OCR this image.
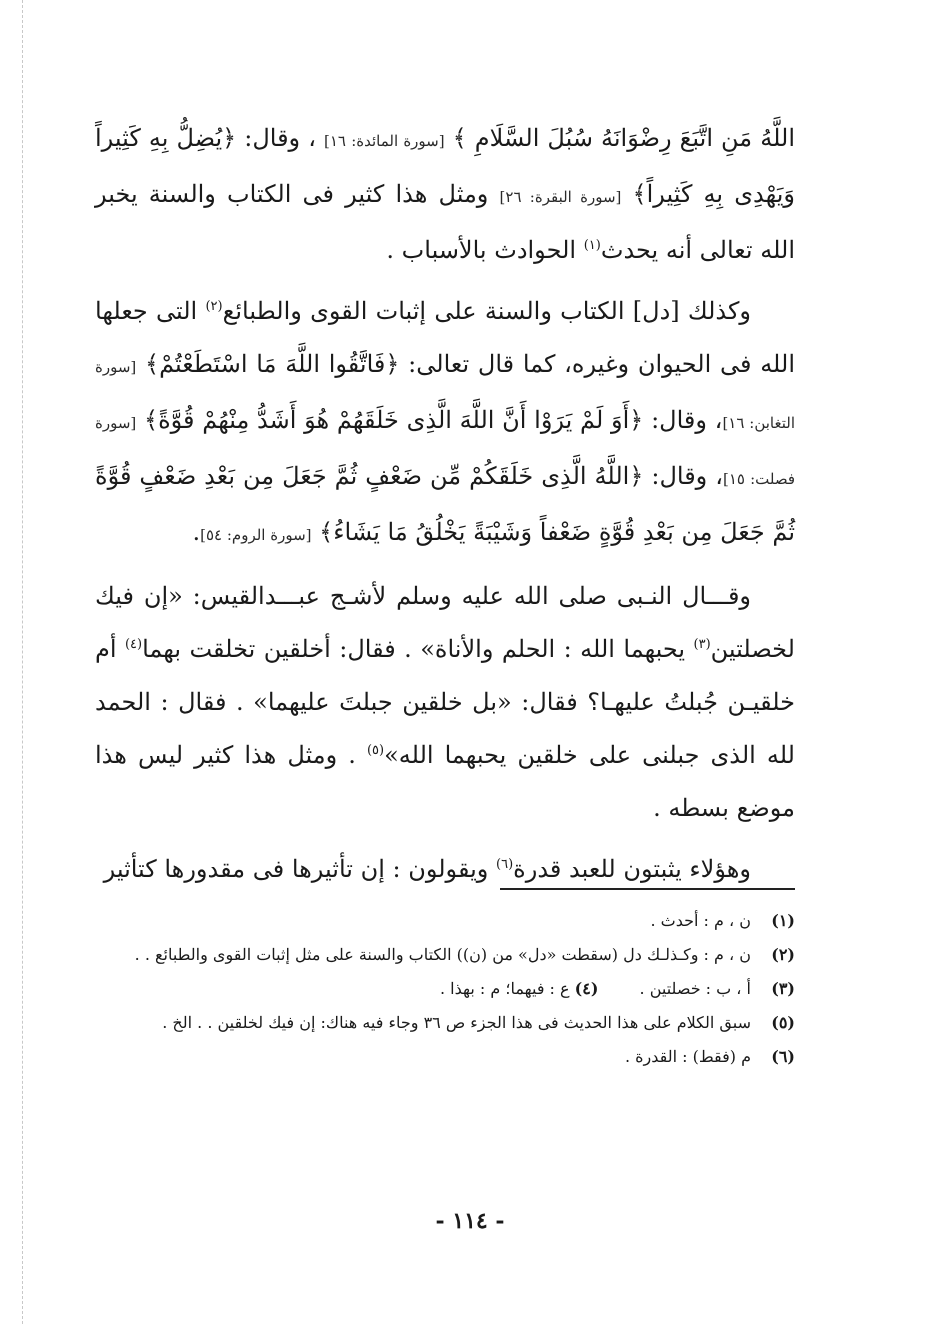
اللَّهُ مَنِ اتَّبَعَ رِضْوَانَهُ سُبُلَ السَّلَامِ ﴾ [سورة المائدة: ١٦] ، وقال: ﴿يُضِلُّ بِهِ كَثِيراً وَيَهْدِى بِهِ كَثِيراً﴾ [سورة البقرة: ٢٦] ومثل هذا كثير فى الكتاب والسنة يخبر الله تعالى أنه يحدث$^{(١)}$ الحوادث بالأسباب .

وكذلك [دل] الكتاب والسنة على إثبات القوى والطبائع$^{(٢)}$ التى جعلها الله فى الحيوان وغيره، كما قال تعالى: ﴿فَاتَّقُوا اللَّهَ مَا اسْتَطَعْتُمْ﴾ [سورة التغابن: ١٦]، وقال: ﴿أَوَ لَمْ يَرَوْا أَنَّ اللَّهَ الَّذِى خَلَقَهُمْ هُوَ أَشَدُّ مِنْهُمْ قُوَّةً﴾ [سورة فصلت: ١٥]، وقال: ﴿اللَّهُ الَّذِى خَلَقَكُمْ مِّن ضَعْفٍ ثُمَّ جَعَلَ مِن بَعْدِ ضَعْفٍ قُوَّةً ثُمَّ جَعَلَ مِن بَعْدِ قُوَّةٍ ضَعْفاً وَشَيْبَةً يَخْلُقُ مَا يَشَاءُ﴾ [سورة الروم: ٥٤].

وقـــال النـبى صلى الله عليه وسلم لأشـج عبـــدالقيس: «إن فيك لخصلتين$^{(٣)}$ يحبهما الله : الحلم والأناة» . فقال: أخلقين تخلقت بهما$^{(٤)}$ أم خلقيـن جُبلتُ عليهـا؟ فقال: «بل خلقين جبلتَ عليهما» . فقال : الحمد لله الذى جبلنى على خلقين يحبهما الله»$^{(٥)}$ . ومثل هذا كثير ليس هذا موضع بسطه .

وهؤلاء يثبتون للعبد قدرة$^{(٦)}$ ويقولون : إن تأثيرها فى مقدورها كتأثير

(١)
ن ، م : أحدث .
(٢)
ن ، م : وكـذلـك دل (سقطت «دل» من (ن)) الكتاب والسنة على مثل إثبات القوى والطبائع . .
(٣)
أ ، ب : خصلتين . (٤) ع : فيهما؛ م : بهذا .
(٥)
سبق الكلام على هذا الحديث فى هذا الجزء ص ٣٦ وجاء فيه هناك: إن فيك لخلقين . . الخ .
(٦)
م (فقط) : القدرة .
- ١١٤ -
